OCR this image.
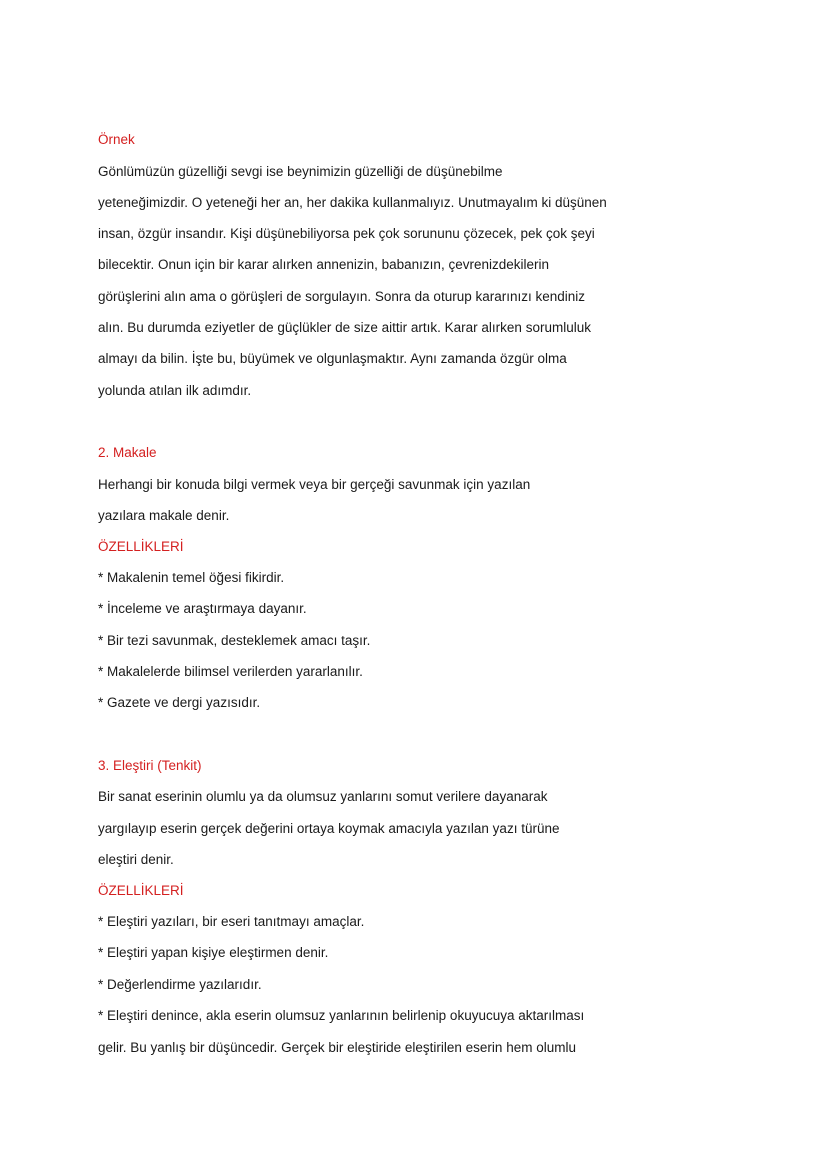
Örnek
Gönlümüzün güzelliği sevgi ise beynimizin güzelliği de düşünebilme
yeteneğimizdir. O yeteneği her an, her dakika kullanmalıyız. Unutmayalım ki düşünen
insan, özgür insandır. Kişi düşünebiliyorsa pek çok sorununu çözecek, pek çok şeyi
bilecektir. Onun için bir karar alırken annenizin, babanızın, çevrenizdekilerin
görüşlerini alın ama o görüşleri de sorgulayın. Sonra da oturup kararınızı kendiniz
alın. Bu durumda eziyetler de güçlükler de size aittir artık. Karar alırken sorumluluk
almayı da bilin. İşte bu, büyümek ve olgunlaşmaktır. Aynı zamanda özgür olma
yolunda atılan ilk adımdır.
2. Makale
Herhangi bir konuda bilgi vermek veya bir gerçeği savunmak için yazılan
yazılara makale denir.
ÖZELLİKLERİ
* Makalenin temel öğesi fikirdir.
* İnceleme ve araştırmaya dayanır.
* Bir tezi savunmak, desteklemek amacı taşır.
* Makalelerde bilimsel verilerden yararlanılır.
* Gazete ve dergi yazısıdır.
3. Eleştiri (Tenkit)
Bir sanat eserinin olumlu ya da olumsuz yanlarını somut verilere dayanarak
yargılayıp eserin gerçek değerini ortaya koymak amacıyla yazılan yazı türüne
eleştiri denir.
ÖZELLİKLERİ
* Eleştiri yazıları, bir eseri tanıtmayı amaçlar.
* Eleştiri yapan kişiye eleştirmen denir.
* Değerlendirme yazılarıdır.
* Eleştiri denince, akla eserin olumsuz yanlarının belirlenip okuyucuya aktarılması
gelir. Bu yanlış bir düşüncedir. Gerçek bir eleştiride eleştirilen eserin hem olumlu
